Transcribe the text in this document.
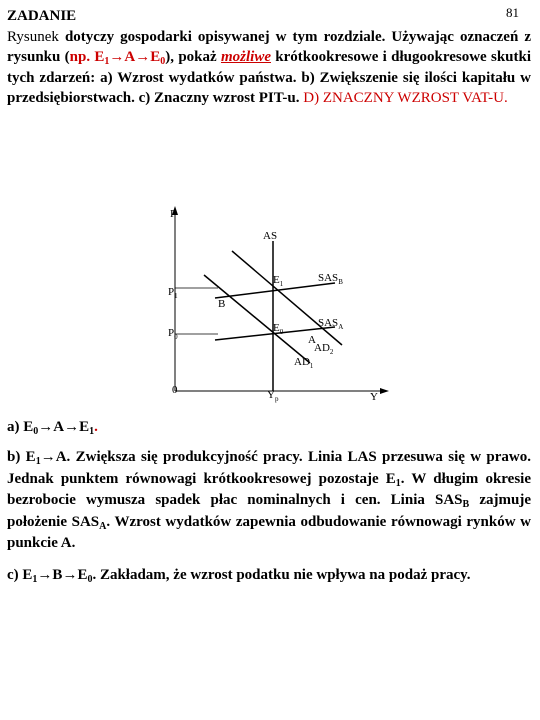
81
ZADANIE

Rysunek dotyczy gospodarki opisywanej w tym rozdziale. Używając oznaczeń z rysunku (np. $E_1\to A\to E_0$), pokaż możliwe krótkookresowe i długookresowe skutki tych zdarzeń: a) Wzrost wydatków państwa. b) Zwiększenie się ilości kapitału w przedsiębiorstwach. c) Znaczny wzrost PIT-u. D) ZNACZNY WZROST VAT-U.

P
Y
0
$P_1$
$P_0$
$Y_p$
AS
$E_1$
$E_0$
$SAS_B$
$SAS_A$
B
A
$AD_2$
$AD_1$

a) $E_0\to A\to E_1$.

b) $E_1\to A$. Zwiększa się produkcyjność pracy. Linia LAS przesuwa się w prawo. Jednak punktem równowagi krótkookresowej pozostaje $E_1$. W długim okresie bezrobocie wymusza spadek płac nominalnych i cen. Linia $SAS_B$ zajmuje położenie $SAS_A$. Wzrost wydatków zapewnia odbudowanie równowagi rynków w punkcie A.

c) $E_1\to B\to E_0$. Zakładam, że wzrost podatku nie wpływa na podaż pracy.
